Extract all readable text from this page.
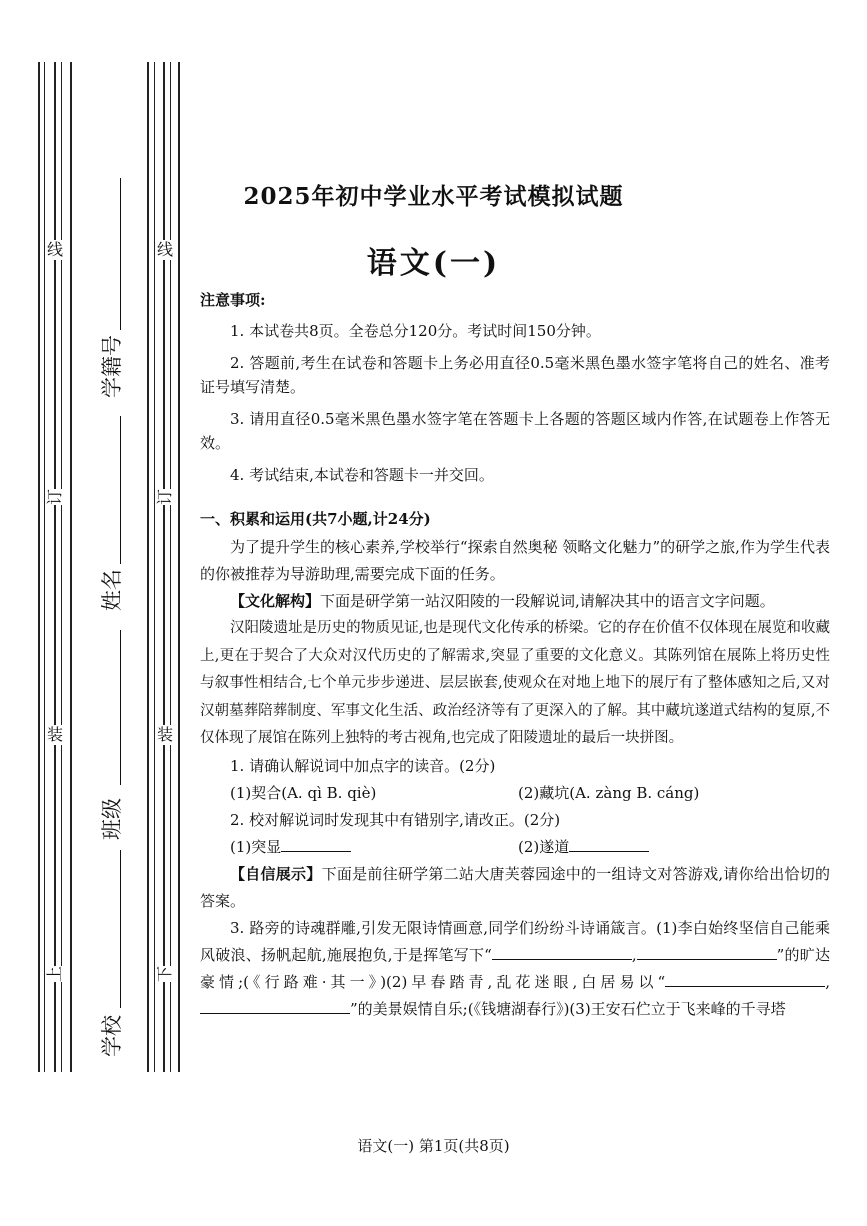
线
订
装
上
线
订
装
下
学籍号
姓名
班级
学校
2025年初中学业水平考试模拟试题
语文(一)
注意事项:
1. 本试卷共8页。全卷总分120分。考试时间150分钟。
2. 答题前,考生在试卷和答题卡上务必用直径0.5毫米黑色墨水签字笔将自己的姓名、准考证号填写清楚。
3. 请用直径0.5毫米黑色墨水签字笔在答题卡上各题的答题区域内作答,在试题卷上作答无效。
4. 考试结束,本试卷和答题卡一并交回。
一、积累和运用(共7小题,计24分)

为了提升学生的核心素养,学校举行“探索自然奥秘 领略文化魅力”的研学之旅,作为学生代表的你被推荐为导游助理,需要完成下面的任务。

【文化解构】下面是研学第一站汉阳陵的一段解说词,请解决其中的语言文字问题。

汉阳陵遗址是历史的物质见证,也是现代文化传承的桥梁。它的存在价值不仅体现在展览和收藏上,更在于契合了大众对汉代历史的了解需求,突显了重要的文化意义。其陈列馆在展陈上将历史性与叙事性相结合,七个单元步步递进、层层嵌套,使观众在对地上地下的展厅有了整体感知之后,又对汉朝墓葬陪葬制度、军事文化生活、政治经济等有了更深入的了解。其中藏坑遂道式结构的复原,不仅体现了展馆在陈列上独特的考古视角,也完成了阳陵遗址的最后一块拼图。

1. 请确认解说词中加点字的读音。(2分)

(1)契合(A. qì B. qiè)	(2)藏坑(A. zàng B. cáng)

2. 校对解说词时发现其中有错别字,请改正。(2分)

(1)突显	(2)遂道

【自信展示】下面是前往研学第二站大唐芙蓉园途中的一组诗文对答游戏,请你给出恰切的答案。

3. 路旁的诗魂群雕,引发无限诗情画意,同学们纷纷斗诗诵箴言。(1)李白始终坚信自己能乘风破浪、扬帆起航,施展抱负,于是挥笔写下“	,	”的旷达豪情;(《行路难·其一》)(2)早春踏青,乱花迷眼,白居易以“	,”的美景娱情自乐;(《钱塘湖春行》)(3)王安石伫立于飞来峰的千寻塔

语文(一) 第1页(共8页)
